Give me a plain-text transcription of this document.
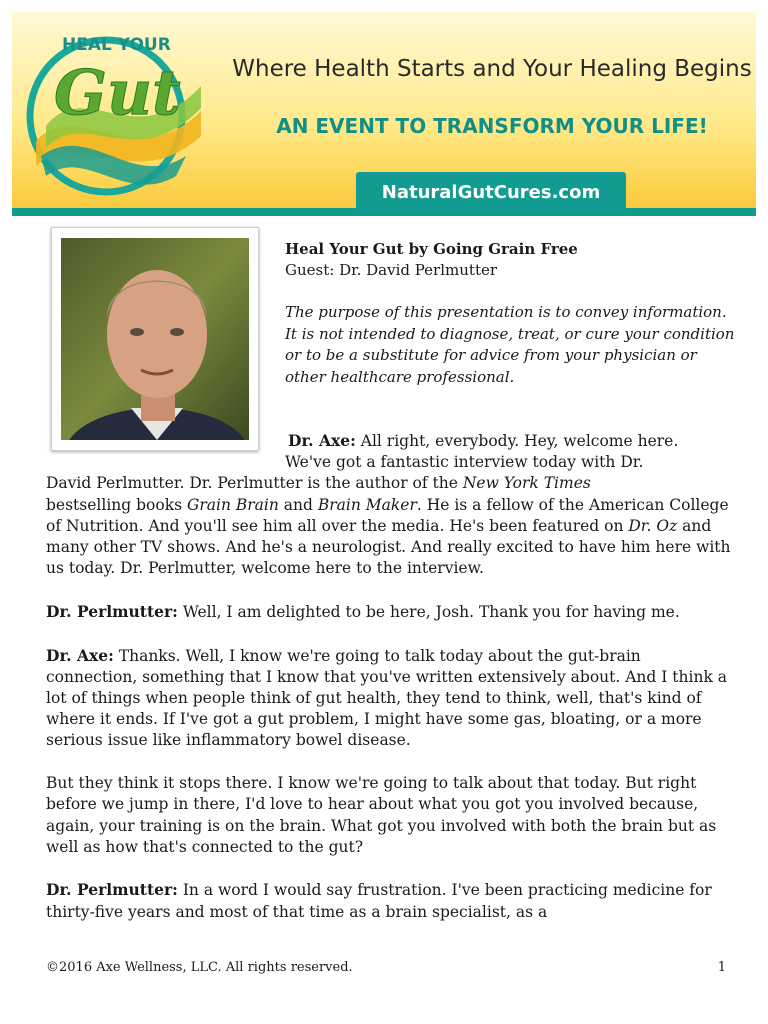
HEAL YOUR
Gut	Where Health Starts and Your Healing Begins
AN EVENT TO TRANSFORM YOUR LIFE!
NaturalGutCures.com
Heal Your Gut by Going Grain Free
Guest: Dr. David Perlmutter
The purpose of this presentation is to convey information. It is not intended to diagnose, treat, or cure your condition or to be a substitute for advice from your physician or other healthcare professional.

Dr. Axe: All right, everybody. Hey, welcome here.
We've got a fantastic interview today with Dr.
David Perlmutter. Dr. Perlmutter is the author of the New York Times
bestselling books Grain Brain and Brain Maker. He is a fellow of the American College of Nutrition. And you'll see him all over the media. He's been featured on Dr. Oz and many other TV shows. And he's a neurologist. And really excited to have him here with us today. Dr. Perlmutter, welcome here to the interview.

Dr. Perlmutter: Well, I am delighted to be here, Josh. Thank you for having me.

Dr. Axe: Thanks. Well, I know we're going to talk today about the gut-brain connection, something that I know that you've written extensively about. And I think a lot of things when people think of gut health, they tend to think, well, that's kind of where it ends. If I've got a gut problem, I might have some gas, bloating, or a more serious issue like inflammatory bowel disease.

But they think it stops there. I know we're going to talk about that today. But right before we jump in there, I'd love to hear about what you got you involved because, again, your training is on the brain. What got you involved with both the brain but as well as how that's connected to the gut?

Dr. Perlmutter: In a word I would say frustration. I've been practicing medicine for thirty-five years and most of that time as a brain specialist, as a

©2016 Axe Wellness, LLC. All rights reserved.	1
